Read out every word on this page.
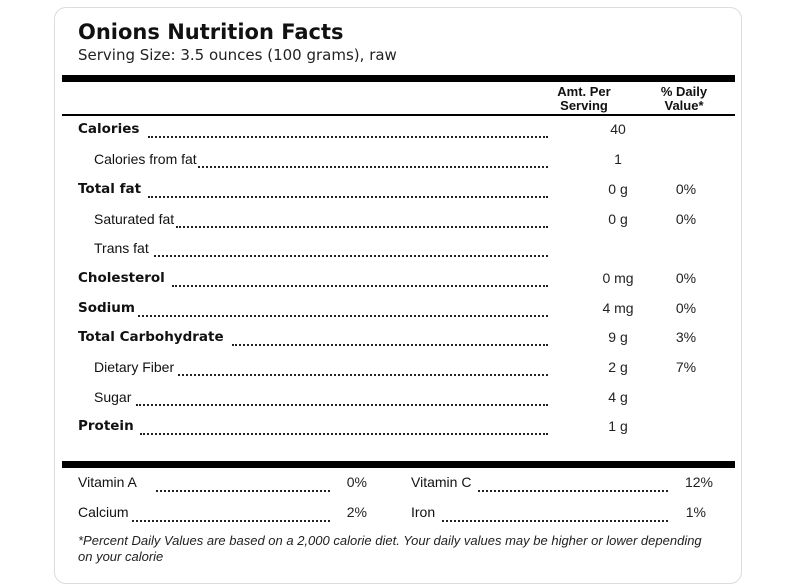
Onions Nutrition Facts
Serving Size: 3.5 ounces (100 grams), raw
Amt. Per
Serving
% Daily
Value*
Calories	40
Calories from fat	1
Total fat	0 g	0%
Saturated fat	0 g	0%
Trans fat
Cholesterol	0 mg	0%
Sodium	4 mg	0%
Total Carbohydrate	9 g	3%
Dietary Fiber	2 g	7%
Sugar	4 g
Protein	1 g
Vitamin A	0%	Vitamin C	12%
Calcium	2%	Iron	1%
*Percent Daily Values are based on a 2,000 calorie diet. Your daily values may be higher or lower depending on your calorie
